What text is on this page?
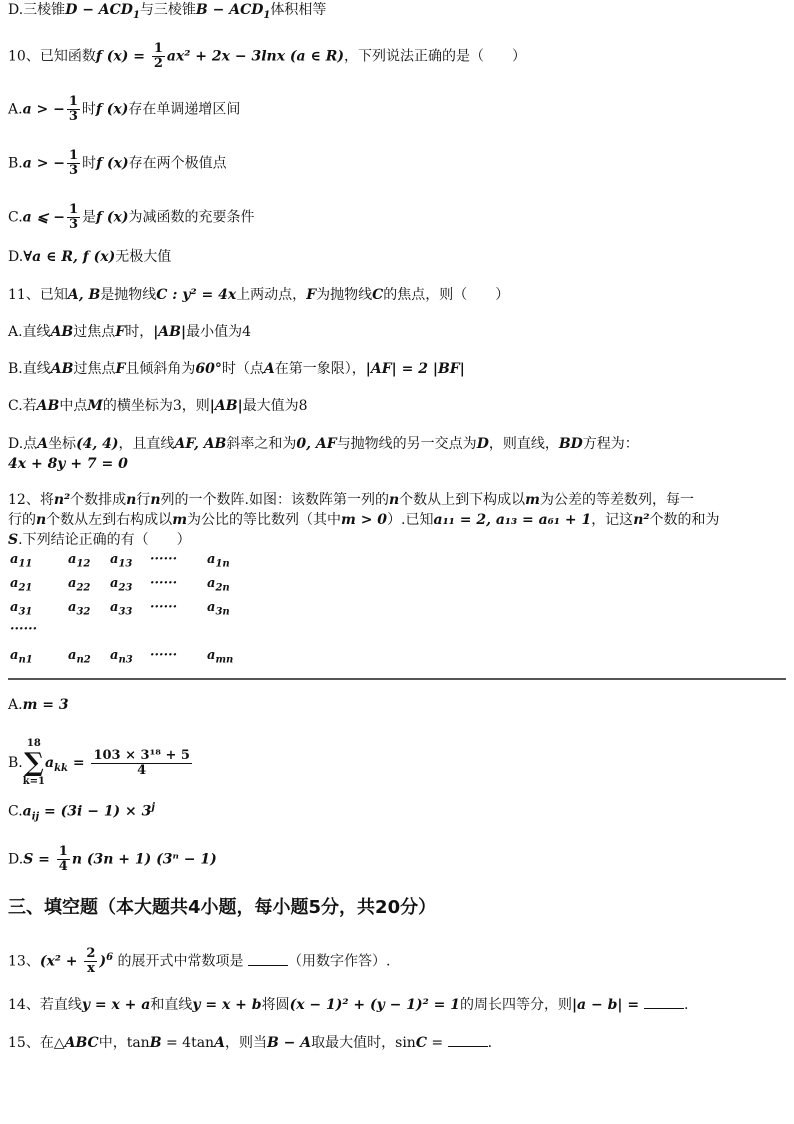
D.三棱锥$D - ACD_1$与三棱锥$B - ACD_1$体积相等
10、已知函数f $(x) = \frac{1}{2} ax^2 + 2x - 3\ln x$ (a ∈ R)，下列说法正确的是（　　）
A.a > − $\frac{1}{3}$ 时f (x)存在单调递增区间
B.a > − $\frac{1}{3}$ 时f (x)存在两个极值点
C.a ⩽ − $\frac{1}{3}$ 是f (x)为减函数的充要条件
D.∀a ∈ R, f (x)无极大值
11、已知A, B是抛物线C : y² = 4x上两动点，F为抛物线C的焦点，则（　　）
A.直线AB过焦点F时，|AB|最小值为4
B.直线AB过焦点F且倾斜角为60°时（点A在第一象限），|AF| = 2 |BF|
C.若AB中点M的横坐标为3，则|AB|最大值为8
D.点A坐标(4, 4)，且直线AF, AB斜率之和为0, AF与抛物线的另一交点为D，则直线，BD方程为：
4x + 8y + 7 = 0
12、将n²个数排成n行n列的一个数阵.如图：该数阵第一列的n个数从上到下构成以m为公差的等差数列，每一
行的n个数从左到右构成以m为公比的等比数列（其中m > 0）.已知a₁₁ = 2, a₁₃ = a₆₁ + 1，记这n²个数的和为
S.下列结论正确的有（　　）
$a_{11}$	$a_{12}$ $a_{13}$ ······ $a_{1n}$
$a_{21}$	$a_{22}$ $a_{23}$ ······ $a_{2n}$
$a_{31}$	$a_{32}$ $a_{33}$ ······ $a_{3n}$
······
$a_{n1}$	$a_{n2}$ $a_{n3}$ ······ $a_{mn}$
A.m = 3
B.
18
∑
k=1
$a_{kk} = \frac{\text{103 × 3¹⁸ + 5}}{4}$
$C.a_{ij} = (3i - 1) \times 3^j$
$D.S = \frac{1}{4}$ n (3n + 1) (3ⁿ − 1)
三、填空题（本大题共4小题，每小题5分，共20分）
13、$(x^2 + \frac{2}{x} )^6$ 的展开式中常数项是	（用数字作答）.
14、若直线y = x + a和直线y = x + b将圆(x − 1)² + (y − 1)² = 1的周长四等分，则|a − b| =	.
15、在△ABC中，tanB = 4tanA，则当B − A取最大值时，sinC =	.
